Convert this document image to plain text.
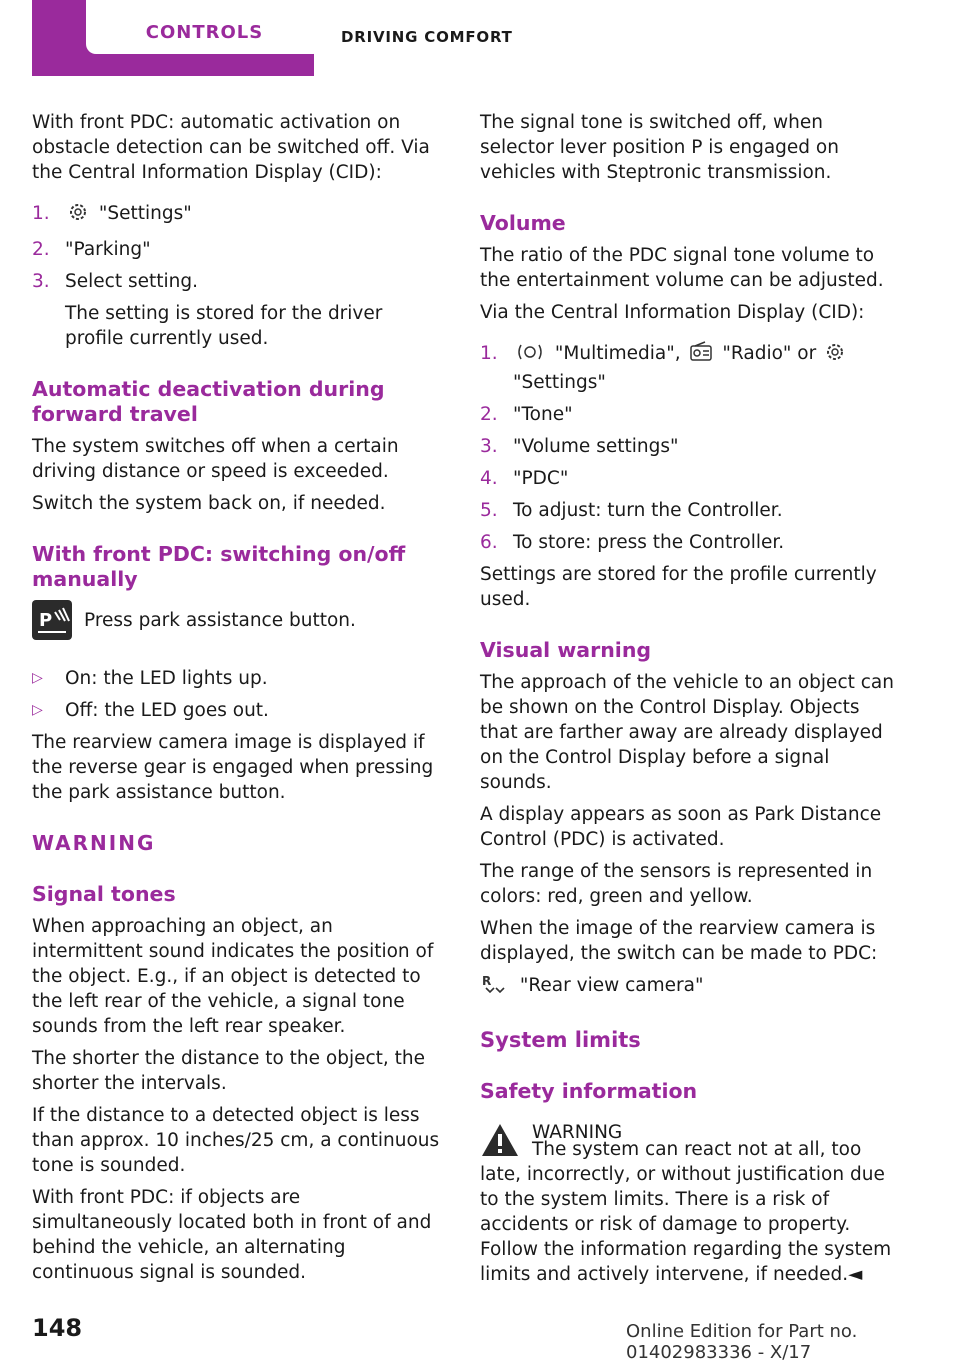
CONTROLS	DRIVING COMFORT

With front PDC: automatic activation on obstacle detection can be switched off. Via the Central Information Display (CID):

1.	"Settings"
2. "Parking"
3. Select setting.
The setting is stored for the driver profile currently used.
Automatic deactivation during forward travel

The system switches off when a certain driving distance or speed is exceeded.

Switch the system back on, if needed.

With front PDC: switching on/off manually
P Press park assistance button.

▷ On: the LED lights up.
▷ Off: the LED goes out.

The rearview camera image is displayed if the reverse gear is engaged when pressing the park assistance button.

WARNING
Signal tones

When approaching an object, an intermittent sound indicates the position of the object. E.g., if an object is detected to the left rear of the vehicle, a signal tone sounds from the left rear speaker.

The shorter the distance to the object, the shorter the intervals.

If the distance to a detected object is less than approx. 10 inches/25 cm, a continuous tone is sounded.

With front PDC: if objects are simultaneously located both in front of and behind the vehicle, an alternating continuous signal is sounded.

The signal tone is switched off, when selector lever position P is engaged on vehicles with Steptronic transmission.

Volume

The ratio of the PDC signal tone volume to the entertainment volume can be adjusted.

Via the Central Information Display (CID):

1.	"Multimedia", "Radio" or
"Settings"
2. "Tone"
3. "Volume settings"
4. "PDC"
5. To adjust: turn the Controller.
6. To store: press the Controller.

Settings are stored for the profile currently used.

Visual warning

The approach of the vehicle to an object can be shown on the Control Display. Objects that are farther away are already displayed on the Control Display before a signal sounds.

A display appears as soon as Park Distance Control (PDC) is activated.

The range of the sensors is represented in colors: red, green and yellow.

When the image of the rearview camera is displayed, the switch can be made to PDC:

R "Rear view camera"

System limits
Safety information

WARNING

The system can react not at all, too late, incorrectly, or without justification due to the system limits. There is a risk of accidents or risk of damage to property. Follow the information regarding the system limits and actively intervene, if needed.◄

148	Online Edition for Part no. 01402983336 - X/17
